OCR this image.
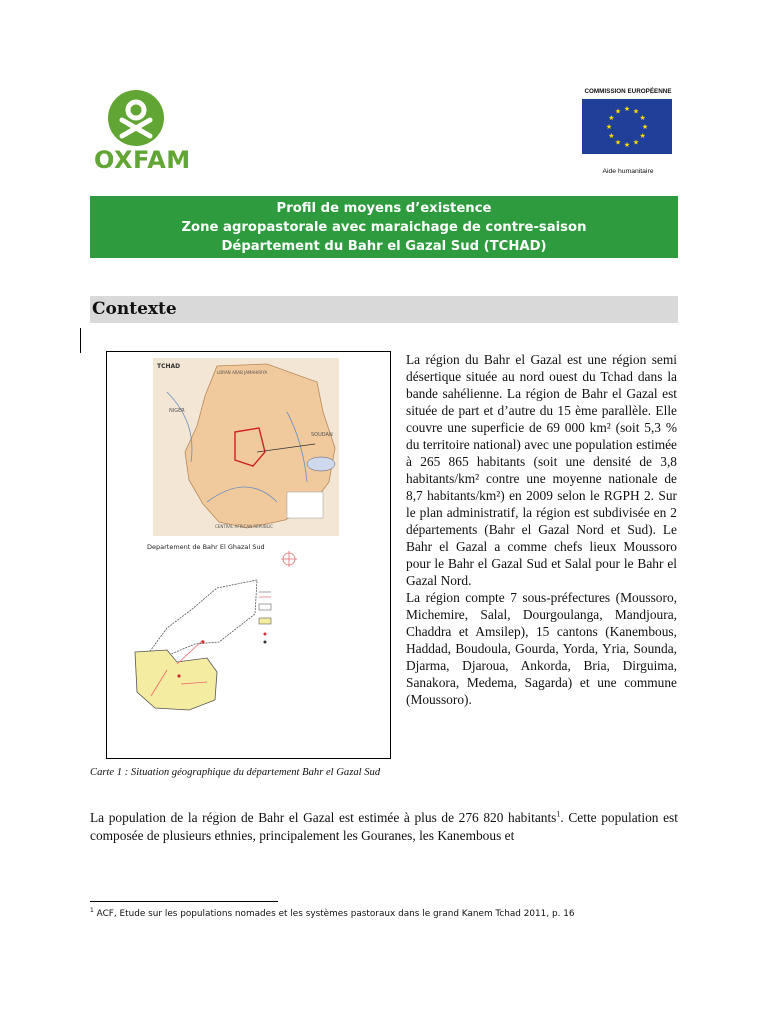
OXFAM
COMMISSION EUROPÉENNE
★ ★
★
★
★
★
★
★
★
★
★
★
Aide humanitaire
Profil de moyens d’existence
Zone agropastorale avec maraichage de contre-saison
Département du Bahr el Gazal Sud (TCHAD)
Contexte
TCHAD
LIBYAN ARAB JAMAHIRIYA
NIGER
SOUDAN
CENTRAL AFRICAN REPUBLIC
Departement de Bahr El Ghazal Sud
Carte 1 : Situation géographique du département Bahr el Gazal Sud

La région du Bahr el Gazal est une région semi désertique située au nord ouest du Tchad dans la bande sahélienne. La région de Bahr el Gazal est située de part et d’autre du 15 ème parallèle. Elle couvre une superficie de 69 000 km² (soit 5,3 % du territoire national) avec une population estimée à 265 865 habitants (soit une densité de 3,8 habitants/km² contre une moyenne nationale de 8,7 habitants/km²) en 2009 selon le RGPH 2. Sur le plan administratif, la région est subdivisée en 2 départements (Bahr el Gazal Nord et Sud). Le Bahr el Gazal a comme chefs lieux Moussoro pour le Bahr el Gazal Sud et Salal pour le Bahr el Gazal Nord.

La région compte 7 sous-préfectures (Moussoro, Michemire, Salal, Dourgoulanga, Mandjoura, Chaddra et Amsilep), 15 cantons (Kanembous, Haddad, Boudoula, Gourda, Yorda, Yria, Sounda, Djarma, Djaroua, Ankorda, Bria, Dirguima, Sanakora, Medema, Sagarda) et une commune (Moussoro).

La population de la région de Bahr el Gazal est estimée à plus de 276 820 habitants$^1$. Cette population est composée de plusieurs ethnies, principalement les Gouranes, les Kanembous et
$^1$ ACF, Etude sur les populations nomades et les systèmes pastoraux dans le grand Kanem Tchad 2011, p. 16
